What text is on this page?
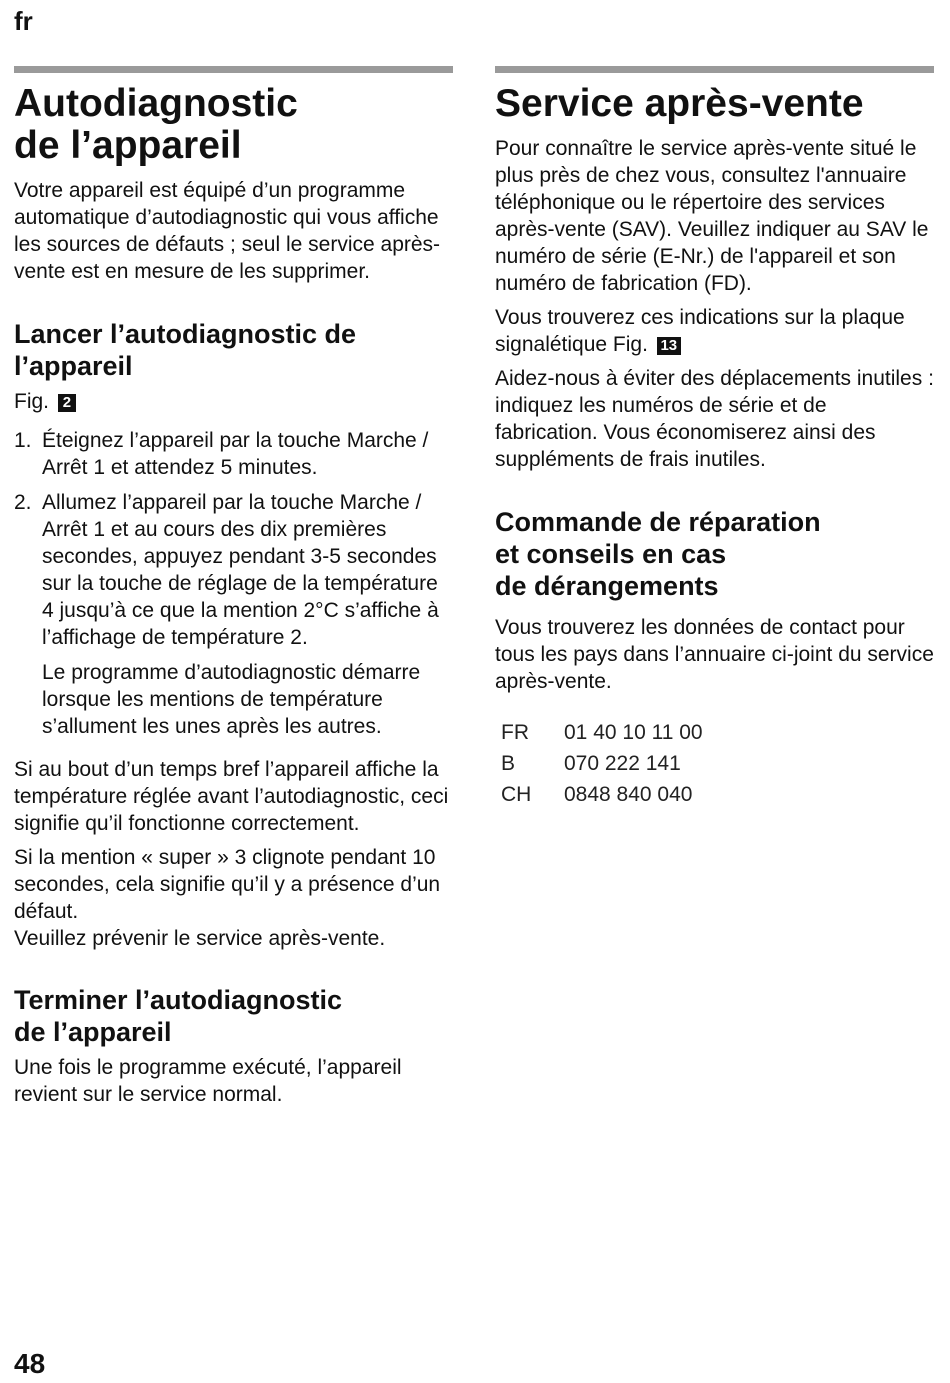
fr
Autodiagnostic
de l’appareil

Votre appareil est équipé d’un programme automatique d’autodiagnostic qui vous affiche les sources de défauts ; seul le service après-vente est en mesure de les supprimer.

Lancer l’autodiagnostic de
l’appareil

Fig. 2

1. Éteignez l’appareil par la touche Marche / Arrêt 1 et attendez 5 minutes.
2. Allumez l’appareil par la touche Marche / Arrêt 1 et au cours des dix premières secondes, appuyez pendant 3-5 secondes sur la touche de réglage de la température 4 jusqu’à ce que la mention 2°C s’affiche à l’affichage de température 2.

Le programme d’autodiagnostic démarre lorsque les mentions de température s’allument les unes après les autres.

Si au bout d’un temps bref l’appareil affiche la température réglée avant l’autodiagnostic, ceci signifie qu’il fonctionne correctement.

Si la mention « super » 3 clignote pendant 10 secondes, cela signifie qu’il y a présence d’un défaut.
Veuillez prévenir le service après-vente.

Terminer l’autodiagnostic
de l’appareil

Une fois le programme exécuté, l’appareil revient sur le service normal.

Service après-vente

Pour connaître le service après-vente situé le plus près de chez vous, consultez l'annuaire téléphonique ou le répertoire des services après-vente (SAV). Veuillez indiquer au SAV le numéro de série (E-Nr.) de l'appareil et son numéro de fabrication (FD).

Vous trouverez ces indications sur la plaque signalétique Fig. 13

Aidez-nous à éviter des déplacements inutiles : indiquez les numéros de série et de fabrication. Vous économiserez ainsi des suppléments de frais inutiles.

Commande de réparation
et conseils en cas
de dérangements

Vous trouverez les données de contact pour tous les pays dans l’annuaire ci-joint du service après-vente.

FR	01 40 10 11 00
B	070 222 141
CH	0848 840 040
48
